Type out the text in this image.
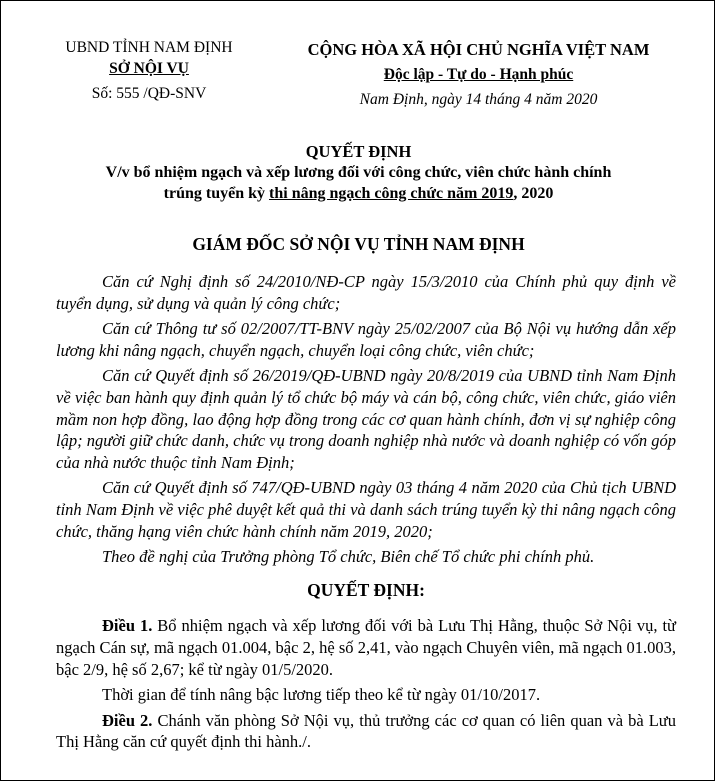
UBND TỈNH NAM ĐỊNH
SỞ NỘI VỤ
Số: 555 /QĐ-SNV
CỘNG HÒA XÃ HỘI CHỦ NGHĨA VIỆT NAM
Độc lập - Tự do - Hạnh phúc
Nam Định, ngày 14 tháng 4 năm 2020
QUYẾT ĐỊNH
V/v bổ nhiệm ngạch và xếp lương đối với công chức, viên chức hành chính
trúng tuyển kỳ thi nâng ngạch công chức năm 2019, 2020
GIÁM ĐỐC SỞ NỘI VỤ TỈNH NAM ĐỊNH

Căn cứ Nghị định số 24/2010/NĐ-CP ngày 15/3/2010 của Chính phủ quy định về tuyển dụng, sử dụng và quản lý công chức;

Căn cứ Thông tư số 02/2007/TT-BNV ngày 25/02/2007 của Bộ Nội vụ hướng dẫn xếp lương khi nâng ngạch, chuyển ngạch, chuyển loại công chức, viên chức;

Căn cứ Quyết định số 26/2019/QĐ-UBND ngày 20/8/2019 của UBND tỉnh Nam Định về việc ban hành quy định quản lý tổ chức bộ máy và cán bộ, công chức, viên chức, giáo viên mầm non hợp đồng, lao động hợp đồng trong các cơ quan hành chính, đơn vị sự nghiệp công lập; người giữ chức danh, chức vụ trong doanh nghiệp nhà nước và doanh nghiệp có vốn góp của nhà nước thuộc tỉnh Nam Định;

Căn cứ Quyết định số 747/QĐ-UBND ngày 03 tháng 4 năm 2020 của Chủ tịch UBND tỉnh Nam Định về việc phê duyệt kết quả thi và danh sách trúng tuyển kỳ thi nâng ngạch công chức, thăng hạng viên chức hành chính năm 2019, 2020;

Theo đề nghị của Trưởng phòng Tổ chức, Biên chế Tổ chức phi chính phủ.

QUYẾT ĐỊNH:

Điều 1. Bổ nhiệm ngạch và xếp lương đối với bà Lưu Thị Hằng, thuộc Sở Nội vụ, từ ngạch Cán sự, mã ngạch 01.004, bậc 2, hệ số 2,41, vào ngạch Chuyên viên, mã ngạch 01.003, bậc 2/9, hệ số 2,67; kể từ ngày 01/5/2020.

Thời gian để tính nâng bậc lương tiếp theo kể từ ngày 01/10/2017.

Điều 2. Chánh văn phòng Sở Nội vụ, thủ trưởng các cơ quan có liên quan và bà Lưu Thị Hằng căn cứ quyết định thi hành./.
